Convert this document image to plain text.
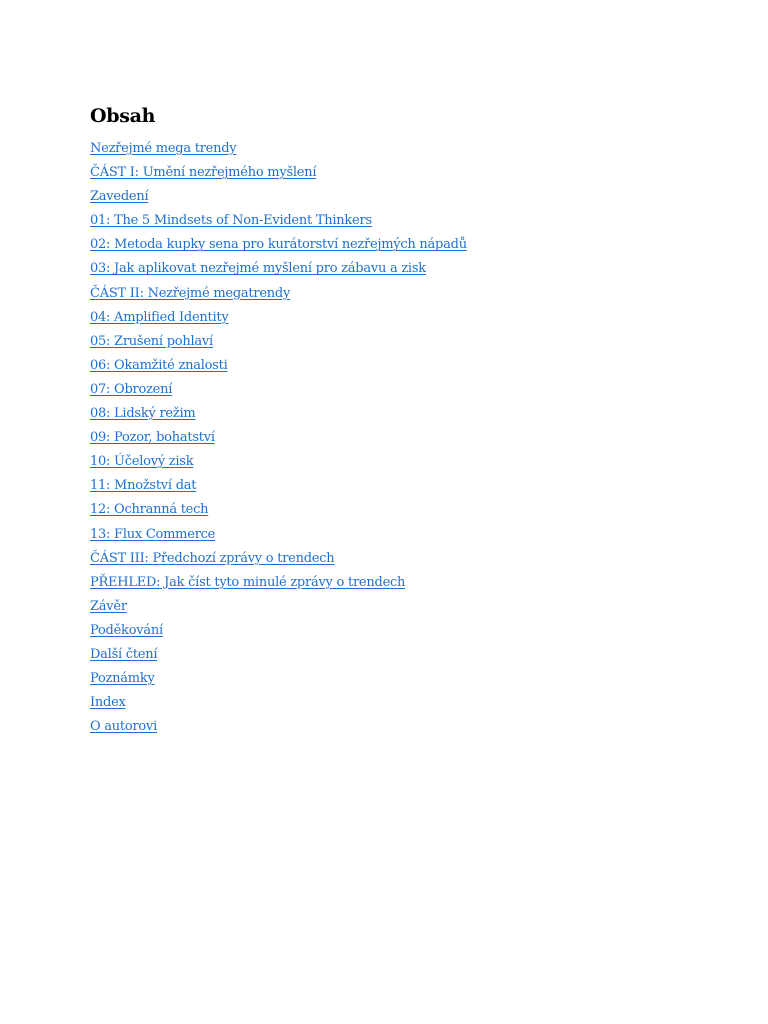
Obsah
Nezřejmé mega trendy
ČÁST I: Umění nezřejmého myšlení
Zavedení
01: The 5 Mindsets of Non-Evident Thinkers
02: Metoda kupky sena pro kurátorství nezřejmých nápadů
03: Jak aplikovat nezřejmé myšlení pro zábavu a zisk
ČÁST II: Nezřejmé megatrendy
04: Amplified Identity
05: Zrušení pohlaví
06: Okamžité znalosti
07: Obrození
08: Lidský režim
09: Pozor, bohatství
10: Účelový zisk
11: Množství dat
12: Ochranná tech
13: Flux Commerce
ČÁST III: Předchozí zprávy o trendech
PŘEHLED: Jak číst tyto minulé zprávy o trendech
Závěr
Poděkování
Další čtení
Poznámky
Index
O autorovi
